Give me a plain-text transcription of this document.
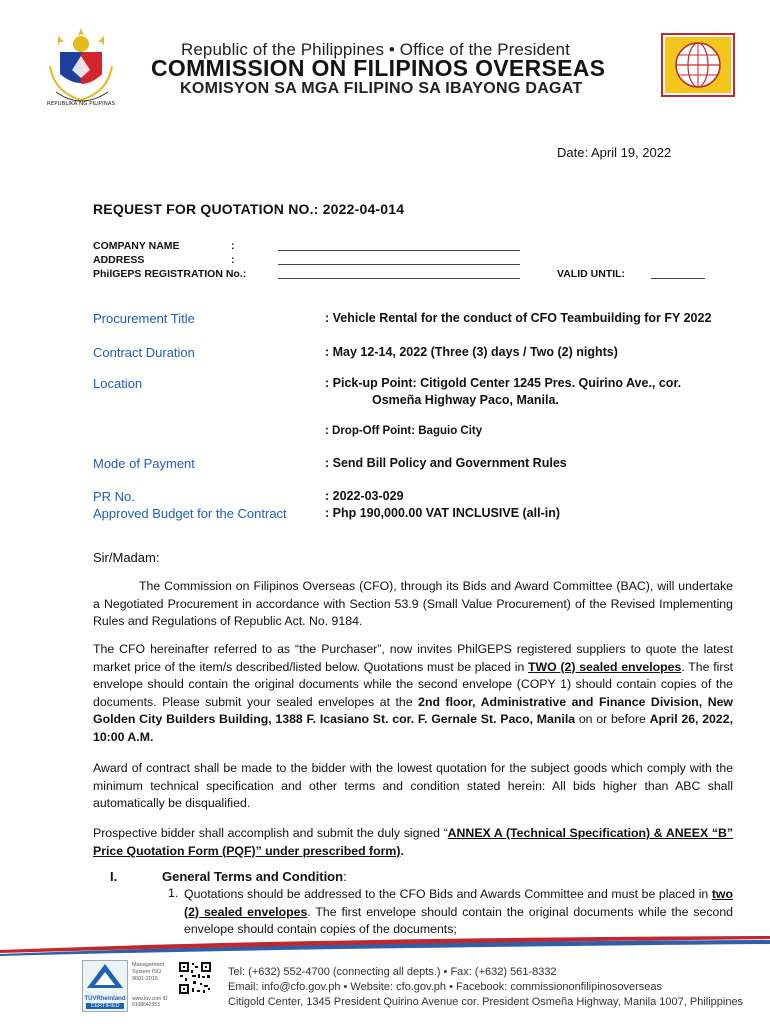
REPUBLIKA NG PILIPINAS
Republic of the Philippines • Office of the President
COMMISSION ON FILIPINOS OVERSEAS
KOMISYON SA MGA FILIPINO SA IBAYONG DAGAT
Date: April 19, 2022
REQUEST FOR QUOTATION NO.: 2022-04-014
COMPANY NAME	:
ADDRESS	:
PhilGEPS REGISTRATION No.:	VALID UNTIL:
Procurement Title	: Vehicle Rental for the conduct of CFO Teambuilding for FY 2022
Contract Duration	: May 12-14, 2022 (Three (3) days / Two (2) nights)
Location	: Pick-up Point: Citigold Center 1245 Pres. Quirino Ave., cor.
Osmeña Highway Paco, Manila.
: Drop-Off Point: Baguio City
Mode of Payment	: Send Bill Policy and Government Rules
PR No.	: 2022-03-029
Approved Budget for the Contract	: Php 190,000.00 VAT INCLUSIVE (all-in)
Sir/Madam:
The Commission on Filipinos Overseas (CFO), through its Bids and Award Committee (BAC), will undertake a Negotiated Procurement in accordance with Section 53.9 (Small Value Procurement) of the Revised Implementing Rules and Regulations of Republic Act. No. 9184.
The CFO hereinafter referred to as “the Purchaser”, now invites PhilGEPS registered suppliers to quote the latest market price of the item/s described/listed below. Quotations must be placed in TWO (2) sealed envelopes. The first envelope should contain the original documents while the second envelope (COPY 1) should contain copies of the documents. Please submit your sealed envelopes at the 2nd floor, Administrative and Finance Division, New Golden City Builders Building, 1388 F. Icasiano St. cor. F. Gernale St. Paco, Manila on or before April 26, 2022, 10:00 A.M.
Award of contract shall be made to the bidder with the lowest quotation for the subject goods which comply with the minimum technical specification and other terms and condition stated herein: All bids higher than ABC shall automatically be disqualified.
Prospective bidder shall accomplish and submit the duly signed “ANNEX A (Technical Specification) & ANEEX “B” Price Quotation Form (PQF)” under prescribed form).
I.	General Terms and Condition:
1. Quotations should be addressed to the CFO Bids and Awards Committee and must be placed in two (2) sealed envelopes. The first envelope should contain the original documents while the second envelope should contain copies of the documents;
TÜVRheinland
CERTIFIED
Management System ISO 9001:2015
www.tuv.com ID 9108642353
Tel: (+632) 552-4700 (connecting all depts.) • Fax: (+632) 561-8332
Email: info@cfo.gov.ph • Website: cfo.gov.ph • Facebook: commissiononfilipinosoverseas
Citigold Center, 1345 President Quirino Avenue cor. President Osmeña Highway, Manila 1007, Philippines
